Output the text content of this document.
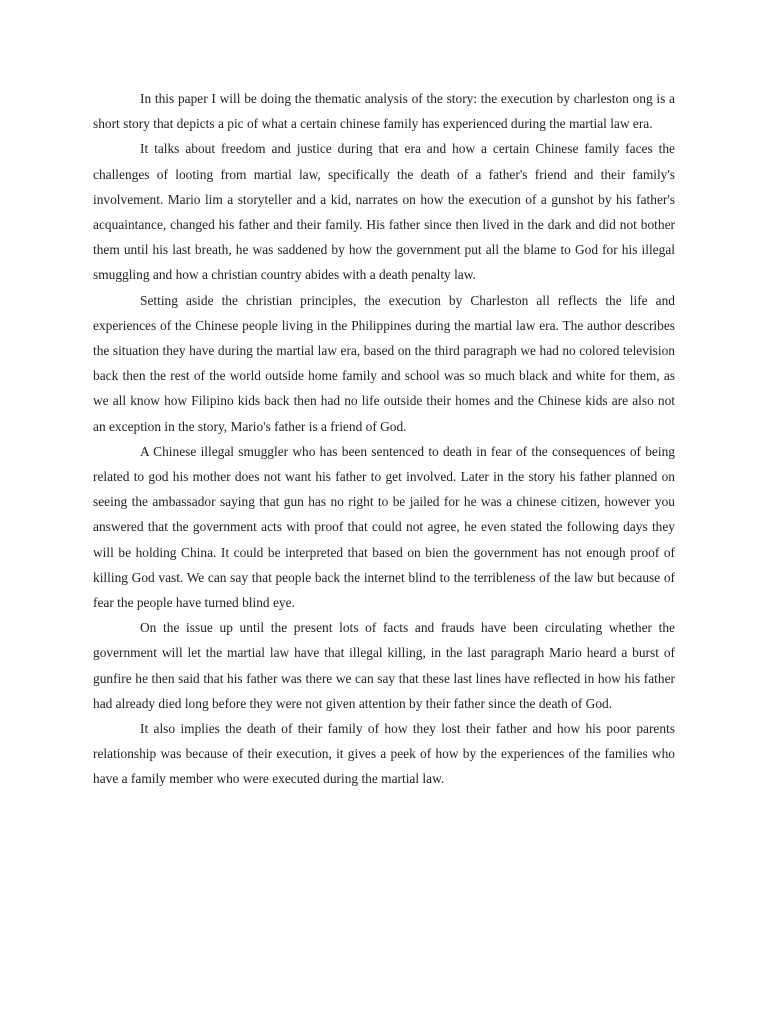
In this paper I will be doing the thematic analysis of the story: the execution by charleston ong is a short story that depicts a pic of what a certain chinese family has experienced during the martial law era.

It talks about freedom and justice during that era and how a certain Chinese family faces the challenges of looting from martial law, specifically the death of a father's friend and their family's involvement. Mario lim a storyteller and a kid, narrates on how the execution of a gunshot by his father's acquaintance, changed his father and their family. His father since then lived in the dark and did not bother them until his last breath, he was saddened by how the government put all the blame to God for his illegal smuggling and how a christian country abides with a death penalty law.

Setting aside the christian principles, the execution by Charleston all reflects the life and experiences of the Chinese people living in the Philippines during the martial law era. The author describes the situation they have during the martial law era, based on the third paragraph we had no colored television back then the rest of the world outside home family and school was so much black and white for them, as we all know how Filipino kids back then had no life outside their homes and the Chinese kids are also not an exception in the story, Mario's father is a friend of God.

A Chinese illegal smuggler who has been sentenced to death in fear of the consequences of being related to god his mother does not want his father to get involved. Later in the story his father planned on seeing the ambassador saying that gun has no right to be jailed for he was a chinese citizen, however you answered that the government acts with proof that could not agree, he even stated the following days they will be holding China. It could be interpreted that based on bien the government has not enough proof of killing God vast. We can say that people back the internet blind to the terribleness of the law but because of fear the people have turned blind eye.

On the issue up until the present lots of facts and frauds have been circulating whether the government will let the martial law have that illegal killing, in the last paragraph Mario heard a burst of gunfire he then said that his father was there we can say that these last lines have reflected in how his father had already died long before they were not given attention by their father since the death of God.

It also implies the death of their family of how they lost their father and how his poor parents relationship was because of their execution, it gives a peek of how by the experiences of the families who have a family member who were executed during the martial law.
